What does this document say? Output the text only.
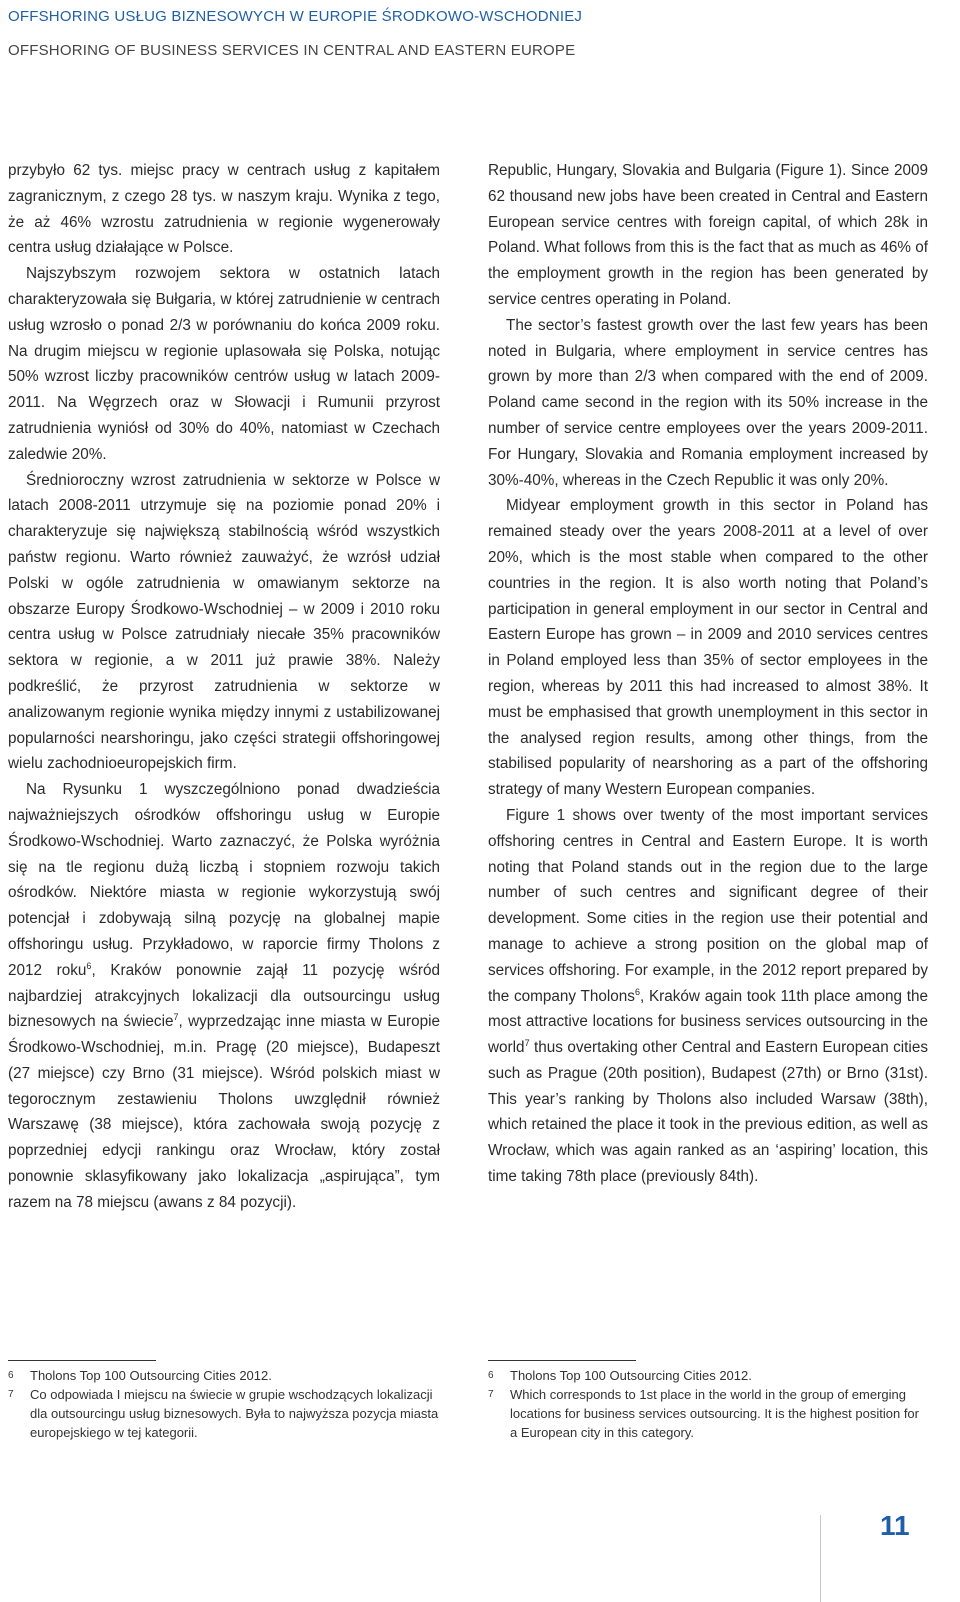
OFFSHORING USŁUG BIZNESOWYCH W EUROPIE ŚRODKOWO-WSCHODNIEJ
OFFSHORING OF BUSINESS SERVICES IN CENTRAL AND EASTERN EUROPE

przybyło 62 tys. miejsc pracy w centrach usług z kapitałem zagranicznym, z czego 28 tys. w naszym kraju. Wynika z tego, że aż 46% wzrostu zatrudnienia w regionie wygenerowały centra usług działające w Polsce.

Najszybszym rozwojem sektora w ostatnich latach charakteryzowała się Bułgaria, w której zatrudnienie w centrach usług wzrosło o ponad 2/3 w porównaniu do końca 2009 roku. Na drugim miejscu w regionie uplasowała się Polska, notując 50% wzrost liczby pracowników centrów usług w latach 2009-2011. Na Węgrzech oraz w Słowacji i Rumunii przyrost zatrudnienia wyniósł od 30% do 40%, natomiast w Czechach zaledwie 20%.

Średnioroczny wzrost zatrudnienia w sektorze w Polsce w latach 2008-2011 utrzymuje się na poziomie ponad 20% i charakteryzuje się największą stabilnością wśród wszystkich państw regionu. Warto również zauważyć, że wzrósł udział Polski w ogóle zatrudnienia w omawianym sektorze na obszarze Europy Środkowo-Wschodniej – w 2009 i 2010 roku centra usług w Polsce zatrudniały niecałe 35% pracowników sektora w regionie, a w 2011 już prawie 38%. Należy podkreślić, że przyrost zatrudnienia w sektorze w analizowanym regionie wynika między innymi z ustabilizowanej popularności nearshoringu, jako części strategii offshoringowej wielu zachodnioeuropejskich firm.

Na Rysunku 1 wyszczególniono ponad dwadzieścia najważniejszych ośrodków offshoringu usług w Europie Środkowo-Wschodniej. Warto zaznaczyć, że Polska wyróżnia się na tle regionu dużą liczbą i stopniem rozwoju takich ośrodków. Niektóre miasta w regionie wykorzystują swój potencjał i zdobywają silną pozycję na globalnej mapie offshoringu usług. Przykładowo, w raporcie firmy Tholons z 2012 roku$^6$, Kraków ponownie zajął 11 pozycję wśród najbardziej atrakcyjnych lokalizacji dla outsourcingu usług biznesowych na świecie$^7$, wyprzedzając inne miasta w Europie Środkowo-Wschodniej, m.in. Pragę (20 miejsce), Budapeszt (27 miejsce) czy Brno (31 miejsce). Wśród polskich miast w tegorocznym zestawieniu Tholons uwzględnił również Warszawę (38 miejsce), która zachowała swoją pozycję z poprzedniej edycji rankingu oraz Wrocław, który został ponownie sklasyfikowany jako lokalizacja „aspirująca”, tym razem na 78 miejscu (awans z 84 pozycji).

Republic, Hungary, Slovakia and Bulgaria (Figure 1). Since 2009 62 thousand new jobs have been created in Central and Eastern European service centres with foreign capital, of which 28k in Poland. What follows from this is the fact that as much as 46% of the employment growth in the region has been generated by service centres operating in Poland.

The sector’s fastest growth over the last few years has been noted in Bulgaria, where employment in service centres has grown by more than 2/3 when compared with the end of 2009. Poland came second in the region with its 50% increase in the number of service centre employees over the years 2009-2011. For Hungary, Slovakia and Romania employment increased by 30%-40%, whereas in the Czech Republic it was only 20%.

Midyear employment growth in this sector in Poland has remained steady over the years 2008-2011 at a level of over 20%, which is the most stable when compared to the other countries in the region. It is also worth noting that Poland’s participation in general employment in our sector in Central and Eastern Europe has grown – in 2009 and 2010 services centres in Poland employed less than 35% of sector employees in the region, whereas by 2011 this had increased to almost 38%. It must be emphasised that growth unemployment in this sector in the analysed region results, among other things, from the stabilised popularity of nearshoring as a part of the offshoring strategy of many Western European companies.

Figure 1 shows over twenty of the most important services offshoring centres in Central and Eastern Europe. It is worth noting that Poland stands out in the region due to the large number of such centres and significant degree of their development. Some cities in the region use their potential and manage to achieve a strong position on the global map of services offshoring. For example, in the 2012 report prepared by the company Tholons$^6$, Kraków again took 11th place among the most attractive locations for business services outsourcing in the world$^7$ thus overtaking other Central and Eastern European cities such as Prague (20th position), Budapest (27th) or Brno (31st). This year’s ranking by Tholons also included Warsaw (38th), which retained the place it took in the previous edition, as well as Wrocław, which was again ranked as an ‘aspiring’ location, this time taking 78th place (previously 84th).

6	Tholons Top 100 Outsourcing Cities 2012.
7	Co odpowiada I miejscu na świecie w grupie wschodzących lokalizacji dla outsourcingu usług biznesowych. Była to najwyższa pozycja miasta europejskiego w tej kategorii.
6	Tholons Top 100 Outsourcing Cities 2012.
7	Which corresponds to 1st place in the world in the group of emerging locations for business services outsourcing. It is the highest position for a European city in this category.
11
